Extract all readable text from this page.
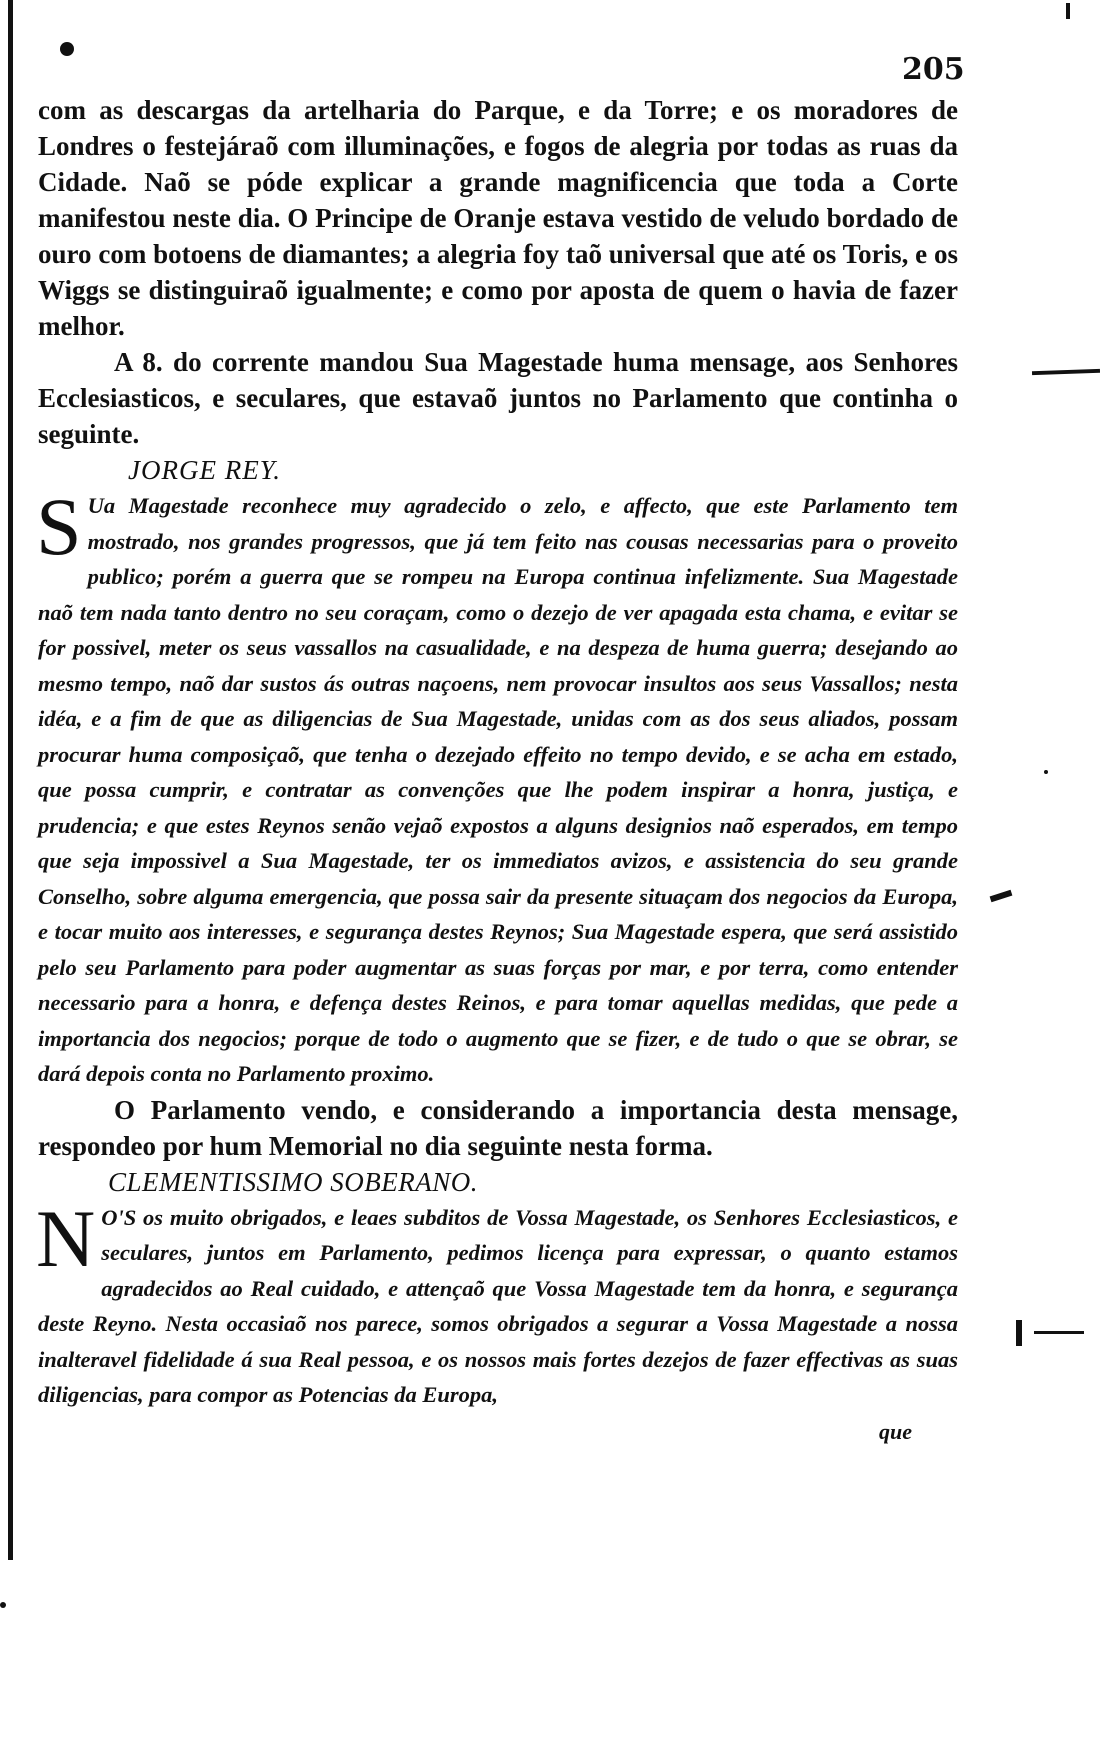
205

com as descargas da artelharia do Parque, e da Torre; e os moradores de Londres o festejáraõ com illuminações, e fogos de alegria por todas as ruas da Cidade. Naõ se póde explicar a grande magnificencia que toda a Corte manifestou neste dia. O Principe de Oranje estava vestido de veludo bordado de ouro com botoens de diamantes; a alegria foy taõ universal que até os Toris, e os Wiggs se distinguiraõ igualmente; e como por aposta de quem o havia de fazer melhor.

A 8. do corrente mandou Sua Magestade huma mensage, aos Senhores Ecclesiasticos, e seculares, que estavaõ juntos no Parlamento que continha o seguinte.

JORGE REY.

S Ua Magestade reconhece muy agradecido o zelo, e affecto, que este Parlamento tem mostrado, nos grandes progressos, que já tem feito nas cousas necessarias para o proveito publico; porém a guerra que se rompeu na Europa continua infelizmente. Sua Magestade naõ tem nada tanto dentro no seu coraçam, como o dezejo de ver apagada esta chama, e evitar se for possivel, meter os seus vassallos na casualidade, e na despeza de huma guerra; desejando ao mesmo tempo, naõ dar sustos ás outras naçoens, nem provocar insultos aos seus Vassallos; nesta idéa, e a fim de que as diligencias de Sua Magestade, unidas com as dos seus aliados, possam procurar huma composiçaõ, que tenha o dezejado effeito no tempo devido, e se acha em estado, que possa cumprir, e contratar as convenções que lhe podem inspirar a honra, justiça, e prudencia; e que estes Reynos senão vejaõ expostos a alguns designios naõ esperados, em tempo que seja impossivel a Sua Magestade, ter os immediatos avizos, e assistencia do seu grande Conselho, sobre alguma emergencia, que possa sair da presente situaçam dos negocios da Europa, e tocar muito aos interesses, e segurança destes Reynos; Sua Magestade espera, que será assistido pelo seu Parlamento para poder augmentar as suas forças por mar, e por terra, como entender necessario para a honra, e defença destes Reinos, e para tomar aquellas medidas, que pede a importancia dos negocios; porque de todo o augmento que se fizer, e de tudo o que se obrar, se dará depois conta no Parlamento proximo.

O Parlamento vendo, e considerando a importancia desta mensage, respondeo por hum Memorial no dia seguinte nesta forma.

CLEMENTISSIMO SOBERANO.

N O'S os muito obrigados, e leaes subditos de Vossa Magestade, os Senhores Ecclesiasticos, e seculares, juntos em Parlamento, pedimos licença para expressar, o quanto estamos agradecidos ao Real cuidado, e attençaõ que Vossa Magestade tem da honra, e segurança deste Reyno. Nesta occasiaõ nos parece, somos obrigados a segurar a Vossa Magestade a nossa inalteravel fidelidade á sua Real pessoa, e os nossos mais fortes dezejos de fazer effectivas as suas diligencias, para compor as Potencias da Europa,
que
